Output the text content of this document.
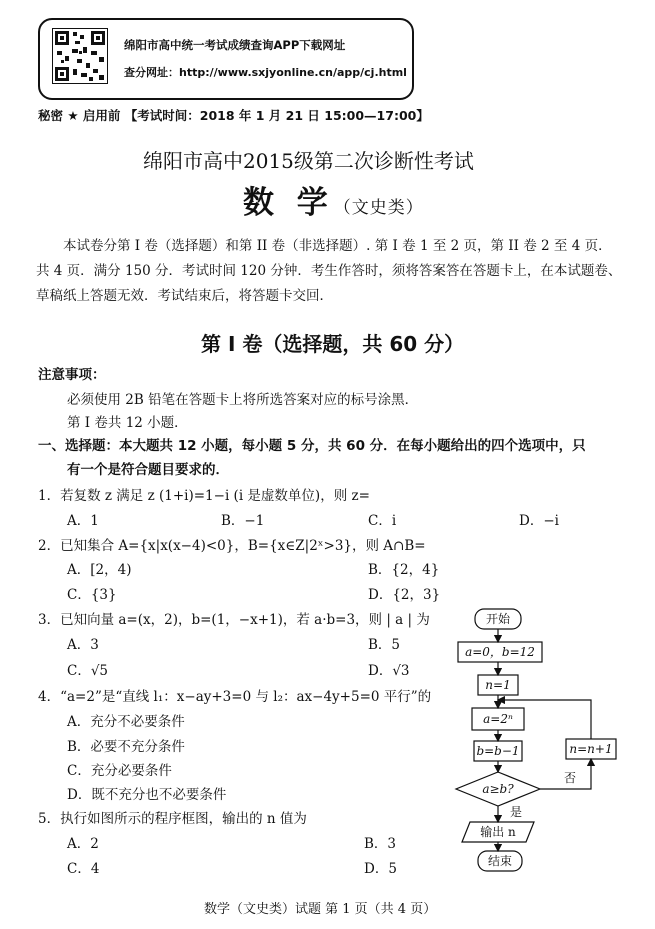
绵阳市高中统一考试成绩查询APP下载网址
查分网址：http://www.sxjyonline.cn/app/cj.html
秘密 ★ 启用前 【考试时间：2018 年 1 月 21 日 15:00—17:00】
绵阳市高中2015级第二次诊断性考试
数 学（文史类）
本试卷分第 I 卷（选择题）和第 II 卷（非选择题）. 第 I 卷 1 至 2 页，第 II 卷 2 至 4 页．共 4 页．满分 150 分．考试时间 120 分钟．考生作答时，须将答案答在答题卡上，在本试题卷、草稿纸上答题无效．考试结束后，将答题卡交回．
第 I 卷（选择题，共 60 分）
注意事项：
必须使用 2B 铅笔在答题卡上将所选答案对应的标号涂黑．
第 I 卷共 12 小题．
一、选择题：本大题共 12 小题，每小题 5 分，共 60 分．在每小题给出的四个选项中，只
有一个是符合题目要求的．
1．若复数 z 满足 z (1+i)=1−i (i 是虚数单位)，则 z=
A．1	B．−1	C．i	D．−i
2．已知集合 A={x|x(x−4)<0}，B={x∈Z|2ˣ>3}，则 A∩B=
A．[2，4)	B．{2，4}
C．{3}	D．{2，3}
3．已知向量 a=(x，2)，b=(1，−x+1)，若 a·b=3，则 | a | 为
A．3	B．5
C．√5	D．√3
4．“a=2”是“直线 l₁：x−ay+3=0 与 l₂：ax−4y+5=0 平行”的
A．充分不必要条件
B．必要不充分条件
C．充分必要条件
D．既不充分也不必要条件
5．执行如图所示的程序框图，输出的 n 值为
A．2	B．3
C．4	D．5
开始
a=0，b=12
n=1
a=2ⁿ
b=b−1
a≥b?
是
否
n=n+1
输出 n
结束
数学（文史类）试题 第 1 页（共 4 页）
